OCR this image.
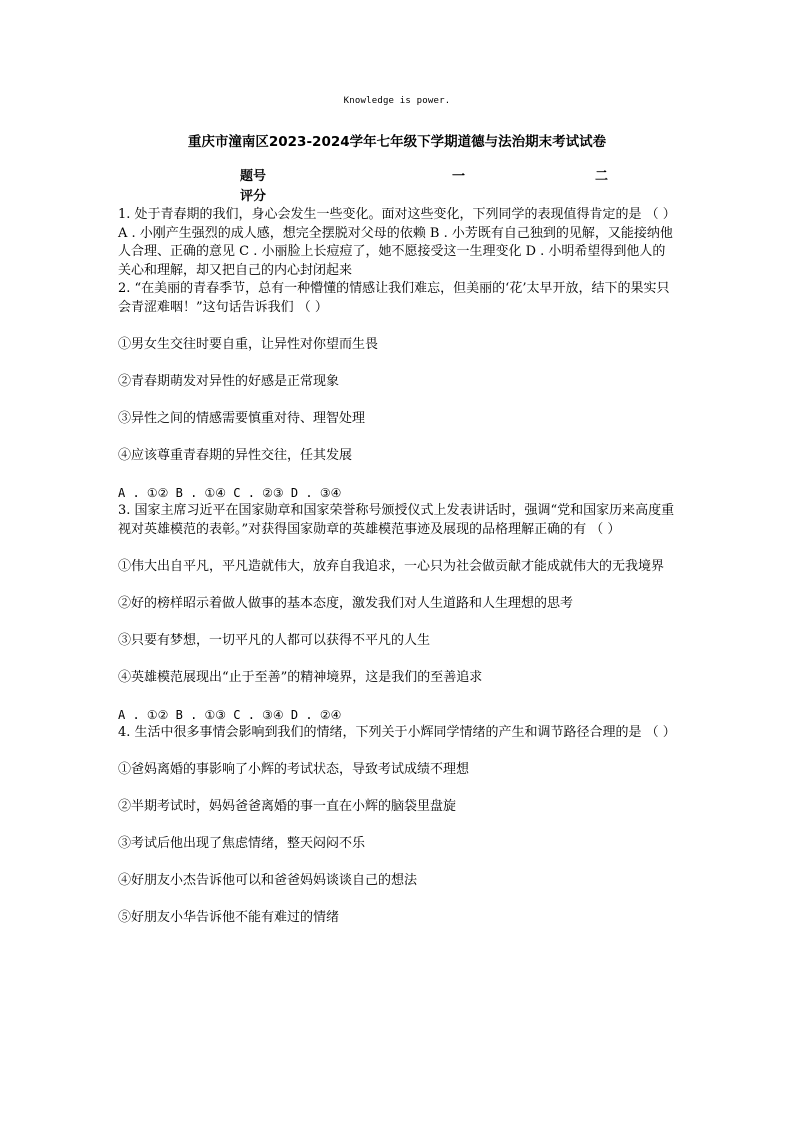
Knowledge is power.
重庆市潼南区2023-2024学年七年级下学期道德与法治期末考试试卷
题号	一	二
评分

1. 处于青春期的我们，身心会发生一些变化。面对这些变化，下列同学的表现值得肯定的是 （ ）

A . 小刚产生强烈的成人感，想完全摆脱对父母的依赖 B . 小芳既有自己独到的见解，又能接纳他人合理、正确的意见 C . 小丽脸上长痘痘了，她不愿接受这一生理变化 D . 小明希望得到他人的关心和理解，却又把自己的内心封闭起来

2. “在美丽的青春季节，总有一种懵懂的情感让我们难忘，但美丽的‘花’太早开放，结下的果实只会青涩难咽！”这句话告诉我们 （ ）

①男女生交往时要自重，让异性对你望而生畏

②青春期萌发对异性的好感是正常现象

③异性之间的情感需要慎重对待、理智处理

④应该尊重青春期的异性交往，任其发展

A . ①② B . ①④ C . ②③ D . ③④

3. 国家主席习近平在国家勋章和国家荣誉称号颁授仪式上发表讲话时，强调“党和国家历来高度重视对英雄模范的表彰。”对获得国家勋章的英雄模范事迹及展现的品格理解正确的有 （ ）

①伟大出自平凡，平凡造就伟大，放弃自我追求，一心只为社会做贡献才能成就伟大的无我境界

②好的榜样昭示着做人做事的基本态度，激发我们对人生道路和人生理想的思考

③只要有梦想，一切平凡的人都可以获得不平凡的人生

④英雄模范展现出“止于至善”的精神境界，这是我们的至善追求

A . ①② B . ①③ C . ③④ D . ②④

4. 生活中很多事情会影响到我们的情绪，下列关于小辉同学情绪的产生和调节路径合理的是 （ ）

①爸妈离婚的事影响了小辉的考试状态，导致考试成绩不理想

②半期考试时，妈妈爸爸离婚的事一直在小辉的脑袋里盘旋

③考试后他出现了焦虑情绪，整天闷闷不乐

④好朋友小杰告诉他可以和爸爸妈妈谈谈自己的想法

⑤好朋友小华告诉他不能有难过的情绪
